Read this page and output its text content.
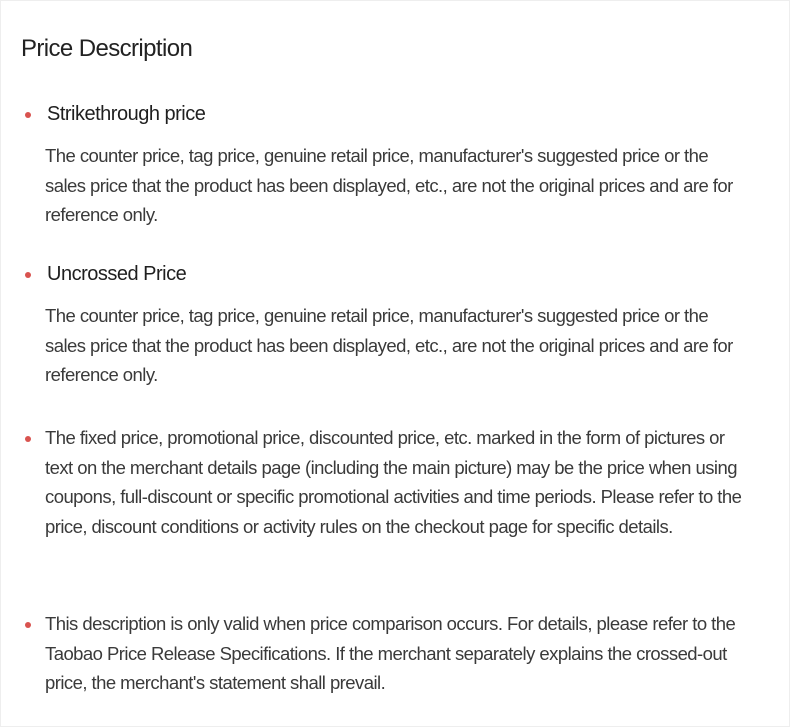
Price Description
Strikethrough price
The counter price, tag price, genuine retail price, manufacturer's suggested price or the sales price that the product has been displayed, etc., are not the original prices and are for reference only.
Uncrossed Price
The counter price, tag price, genuine retail price, manufacturer's suggested price or the sales price that the product has been displayed, etc., are not the original prices and are for reference only.
The fixed price, promotional price, discounted price, etc. marked in the form of pictures or text on the merchant details page (including the main picture) may be the price when using coupons, full-discount or specific promotional activities and time periods. Please refer to the price, discount conditions or activity rules on the checkout page for specific details.
This description is only valid when price comparison occurs. For details, please refer to the Taobao Price Release Specifications. If the merchant separately explains the crossed-out price, the merchant's statement shall prevail.
